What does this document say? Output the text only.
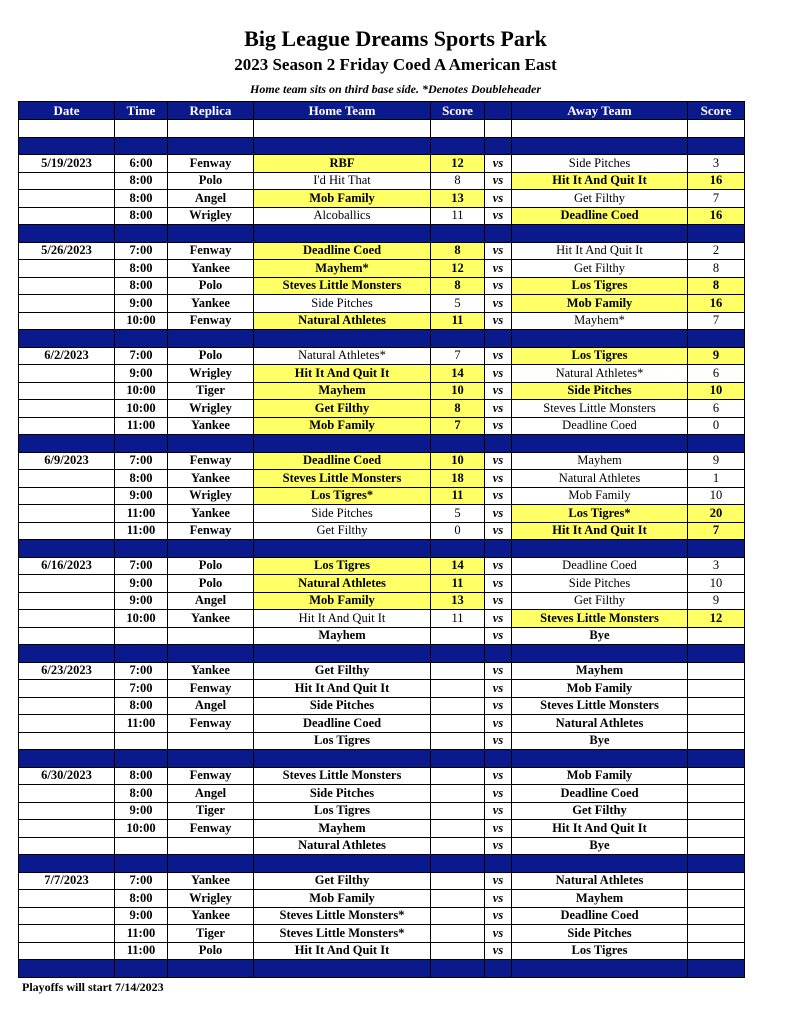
Big League Dreams Sports Park
2023 Season 2 Friday Coed A American East
Home team sits on third base side. *Denotes Doubleheader
Date	Time	Replica	Home Team	Score		Away Team	Score

5/19/2023	6:00	Fenway	RBF	12	vs	Side Pitches	3
	8:00	Polo	I'd Hit That	8	vs	Hit It And Quit It	16
	8:00	Angel	Mob Family	13	vs	Get Filthy	7
	8:00	Wrigley	Alcoballics	11	vs	Deadline Coed	16

5/26/2023	7:00	Fenway	Deadline Coed	8	vs	Hit It And Quit It	2
	8:00	Yankee	Mayhem*	12	vs	Get Filthy	8
	8:00	Polo	Steves Little Monsters	8	vs	Los Tigres	8
	9:00	Yankee	Side Pitches	5	vs	Mob Family	16
	10:00	Fenway	Natural Athletes	11	vs	Mayhem*	7

6/2/2023	7:00	Polo	Natural Athletes*	7	vs	Los Tigres	9
	9:00	Wrigley	Hit It And Quit It	14	vs	Natural Athletes*	6
	10:00	Tiger	Mayhem	10	vs	Side Pitches	10
	10:00	Wrigley	Get Filthy	8	vs	Steves Little Monsters	6
	11:00	Yankee	Mob Family	7	vs	Deadline Coed	0

6/9/2023	7:00	Fenway	Deadline Coed	10	vs	Mayhem	9
	8:00	Yankee	Steves Little Monsters	18	vs	Natural Athletes	1
	9:00	Wrigley	Los Tigres*	11	vs	Mob Family	10
	11:00	Yankee	Side Pitches	5	vs	Los Tigres*	20
	11:00	Fenway	Get Filthy	0	vs	Hit It And Quit It	7

6/16/2023	7:00	Polo	Los Tigres	14	vs	Deadline Coed	3
	9:00	Polo	Natural Athletes	11	vs	Side Pitches	10
	9:00	Angel	Mob Family	13	vs	Get Filthy	9
	10:00	Yankee	Hit It And Quit It	11	vs	Steves Little Monsters	12
			Mayhem		vs	Bye	

6/23/2023	7:00	Yankee	Get Filthy		vs	Mayhem	
	7:00	Fenway	Hit It And Quit It		vs	Mob Family	
	8:00	Angel	Side Pitches		vs	Steves Little Monsters	
	11:00	Fenway	Deadline Coed		vs	Natural Athletes	
			Los Tigres		vs	Bye	

6/30/2023	8:00	Fenway	Steves Little Monsters		vs	Mob Family	
	8:00	Angel	Side Pitches		vs	Deadline Coed	
	9:00	Tiger	Los Tigres		vs	Get Filthy	
	10:00	Fenway	Mayhem		vs	Hit It And Quit It	
			Natural Athletes		vs	Bye	

7/7/2023	7:00	Yankee	Get Filthy		vs	Natural Athletes	
	8:00	Wrigley	Mob Family		vs	Mayhem	
	9:00	Yankee	Steves Little Monsters*		vs	Deadline Coed	
	11:00	Tiger	Steves Little Monsters*		vs	Side Pitches	
	11:00	Polo	Hit It And Quit It		vs	Los Tigres	

Playoffs will start 7/14/2023
